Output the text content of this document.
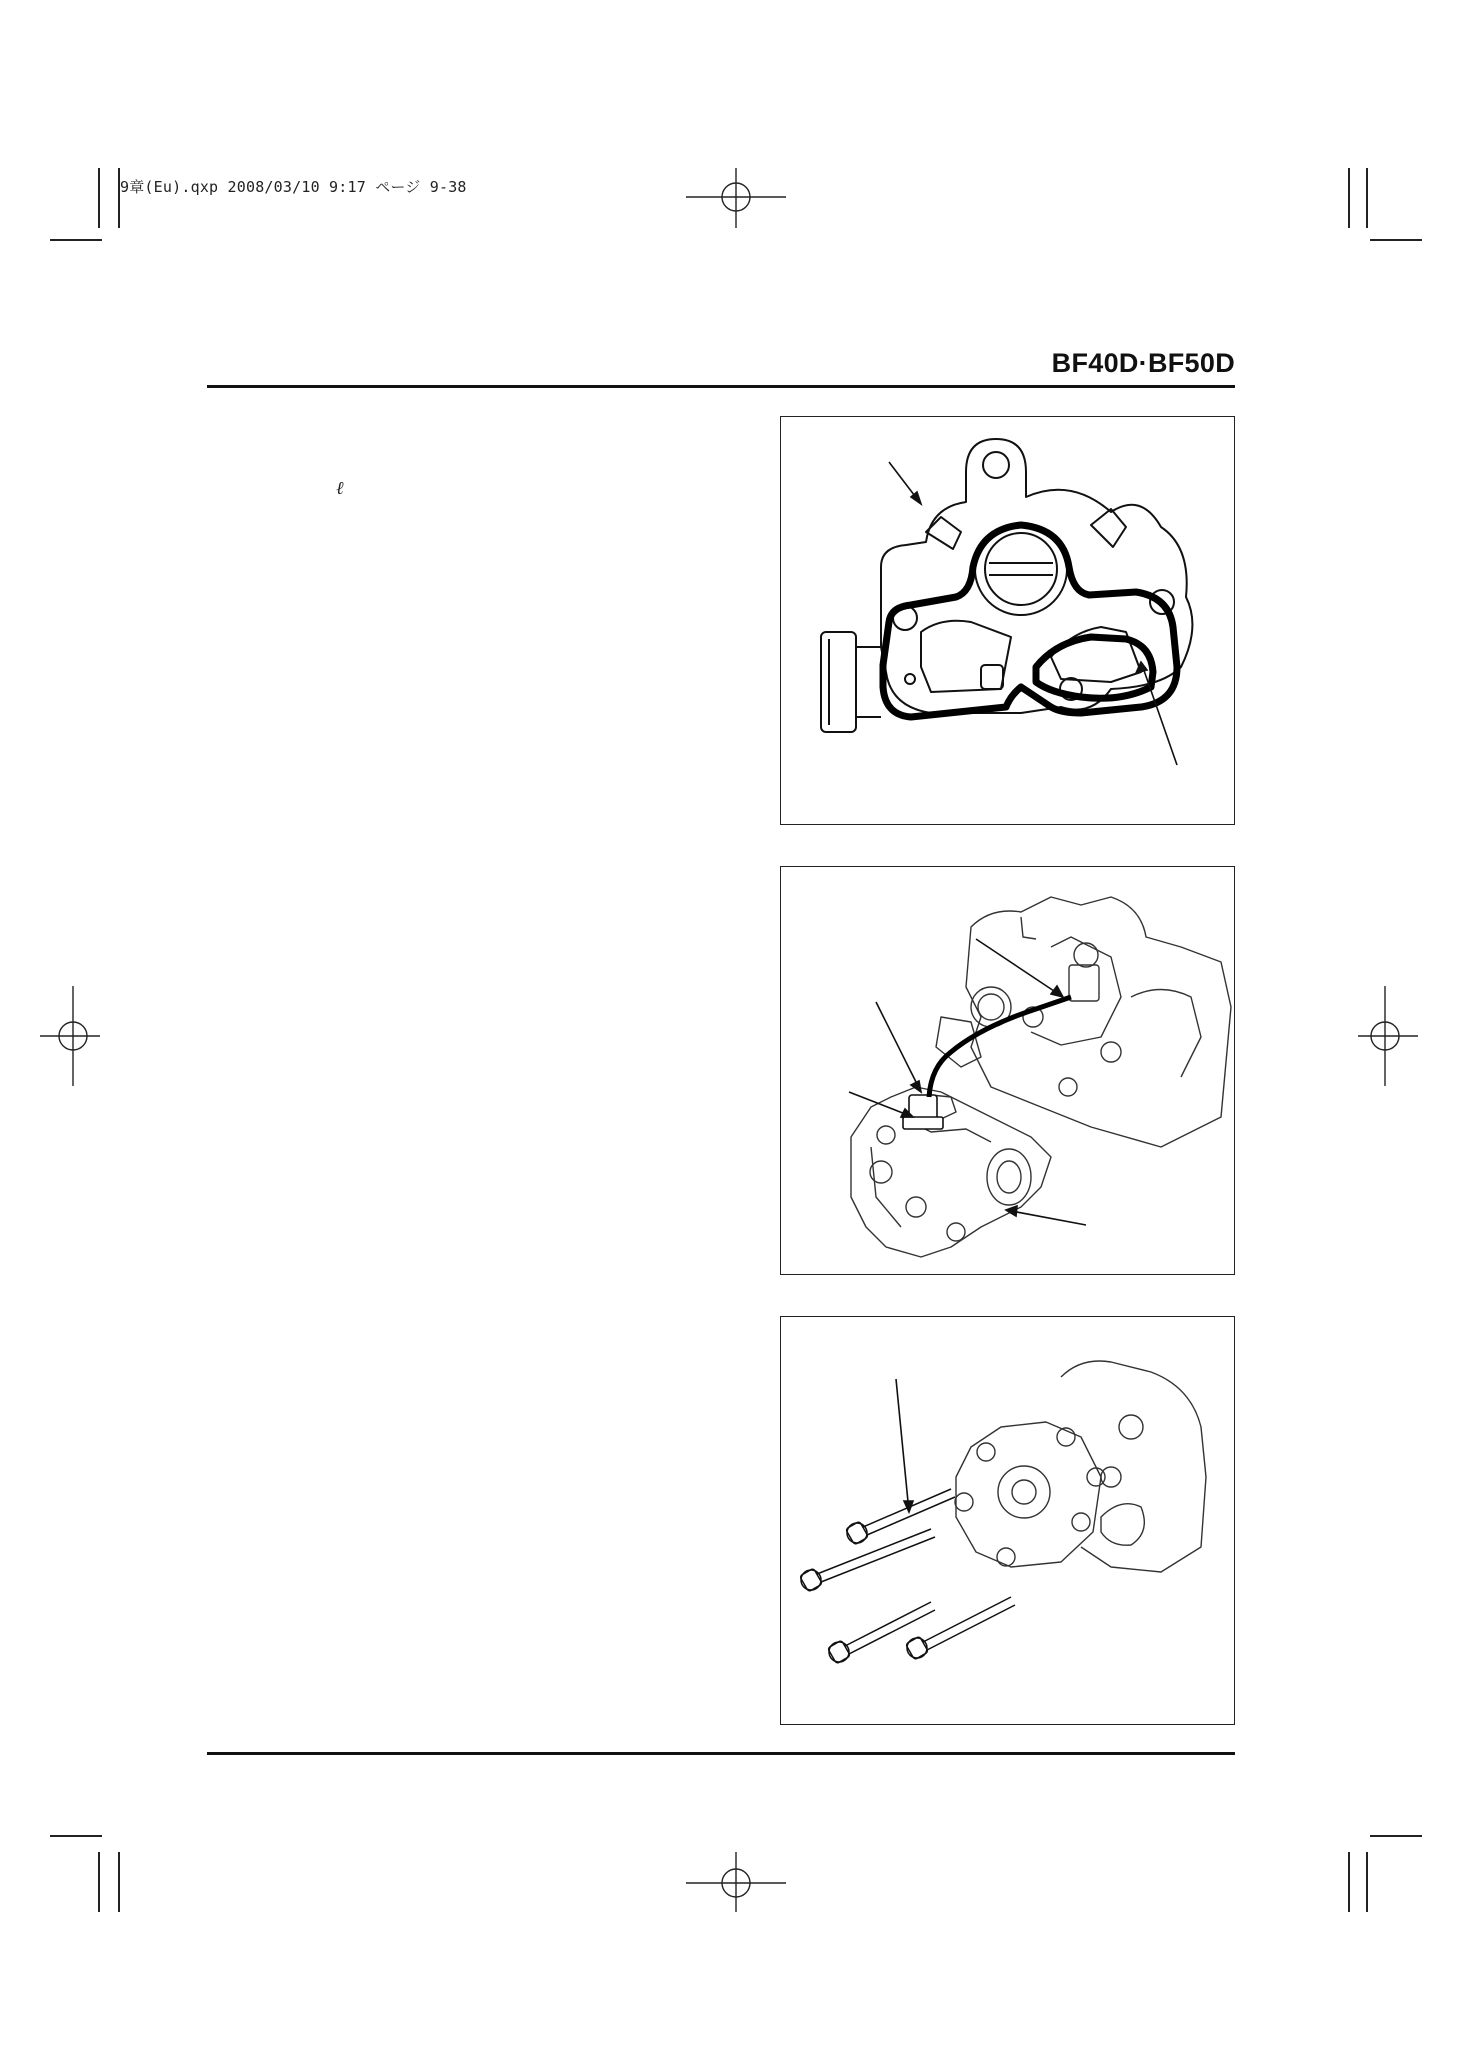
9章(Eu).qxp 2008/03/10 9:17 ページ 9-38
BF40D·BF50D
ℓ
